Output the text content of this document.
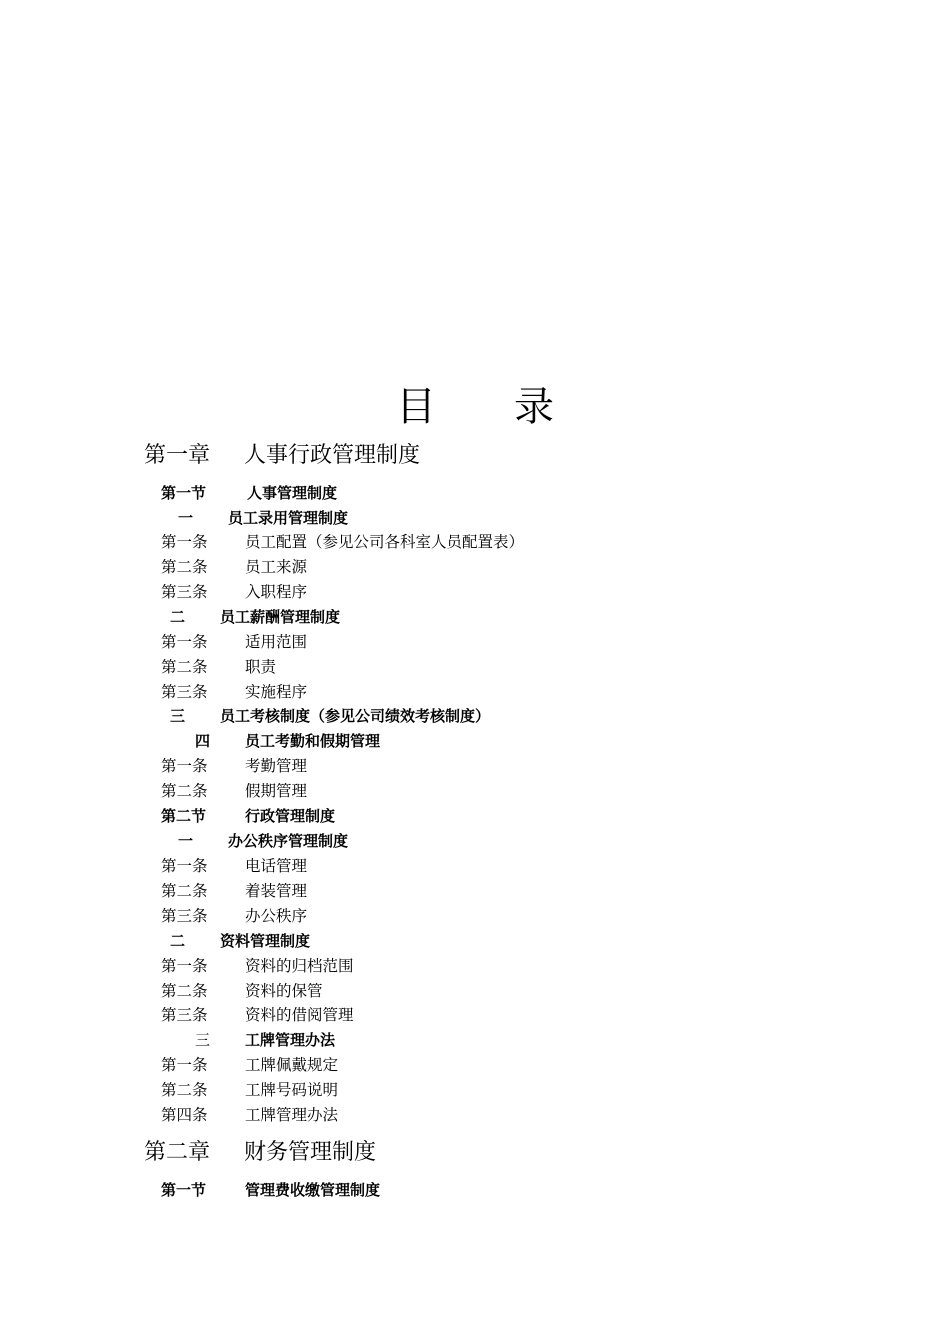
目 录
第一章 人事行政管理制度
第一节	人事管理制度
一 员工录用管理制度
第一条 员工配置（参见公司各科室人员配置表）
第二条 员工来源
第三条 入职程序
二 员工薪酬管理制度
第一条 适用范围
第二条 职责
第三条 实施程序
三 员工考核制度（参见公司绩效考核制度）
四 员工考勤和假期管理
第一条 考勤管理
第二条 假期管理
第二节	行政管理制度
一 办公秩序管理制度
第一条 电话管理
第二条 着装管理
第三条 办公秩序
二 资料管理制度
第一条 资料的归档范围
第二条 资料的保管
第三条 资料的借阅管理
三 工牌管理办法
第一条 工牌佩戴规定
第二条 工牌号码说明
第四条 工牌管理办法
第二章 财务管理制度
第一节	管理费收缴管理制度
